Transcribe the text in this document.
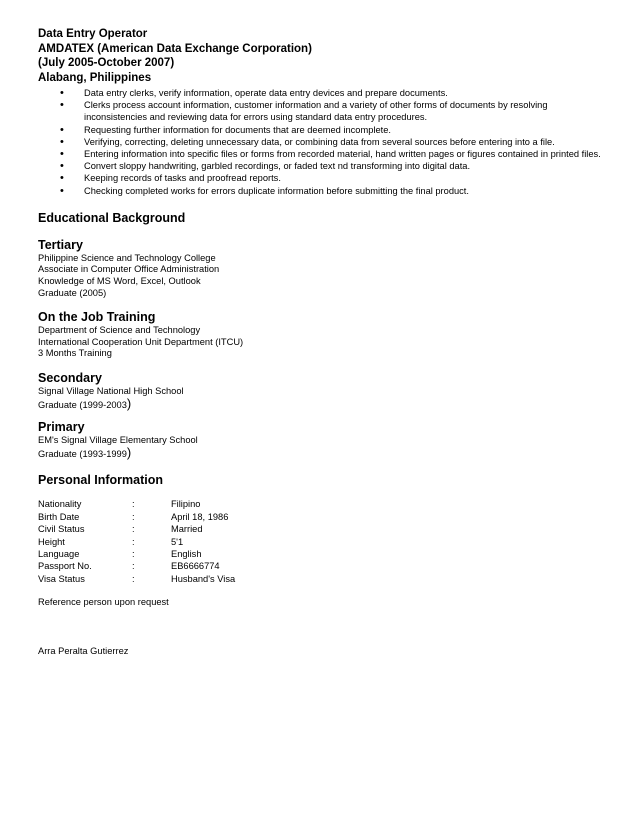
Data Entry Operator
AMDATEX (American Data Exchange Corporation)
(July 2005-October 2007)
Alabang, Philippines
• Data entry clerks, verify information, operate data entry devices and prepare documents.
• Clerks process account information, customer information and a variety of other forms of documents by resolving inconsistencies and reviewing data for errors using standard data entry procedures.
• Requesting further information for documents that are deemed incomplete.
• Verifying, correcting, deleting unnecessary data, or combining data from several sources before entering into a file.
• Entering information into specific files or forms from recorded material, hand written pages or figures contained in printed files.
• Convert sloppy handwriting, garbled recordings, or faded text nd transforming into digital data.
• Keeping records of tasks and proofread reports.
• Checking completed works for errors duplicate information before submitting the final product.
Educational Background
Tertiary
Philippine Science and Technology College
Associate in Computer Office Administration
Knowledge of MS Word, Excel, Outlook
Graduate (2005)
On the Job Training
Department of Science and Technology
International Cooperation Unit Department (ITCU)
3 Months Training
Secondary
Signal Village National High School
Graduate (1999-2003)
Primary
EM's Signal Village Elementary School
Graduate (1993-1999)
Personal Information
Nationality	:	Filipino
Birth Date	:	April 18, 1986
Civil Status	:	Married
Height	:	5'1
Language	:	English
Passport No.	:	EB6666774
Visa Status	:	Husband's Visa
Reference person upon request
Arra Peralta Gutierrez
